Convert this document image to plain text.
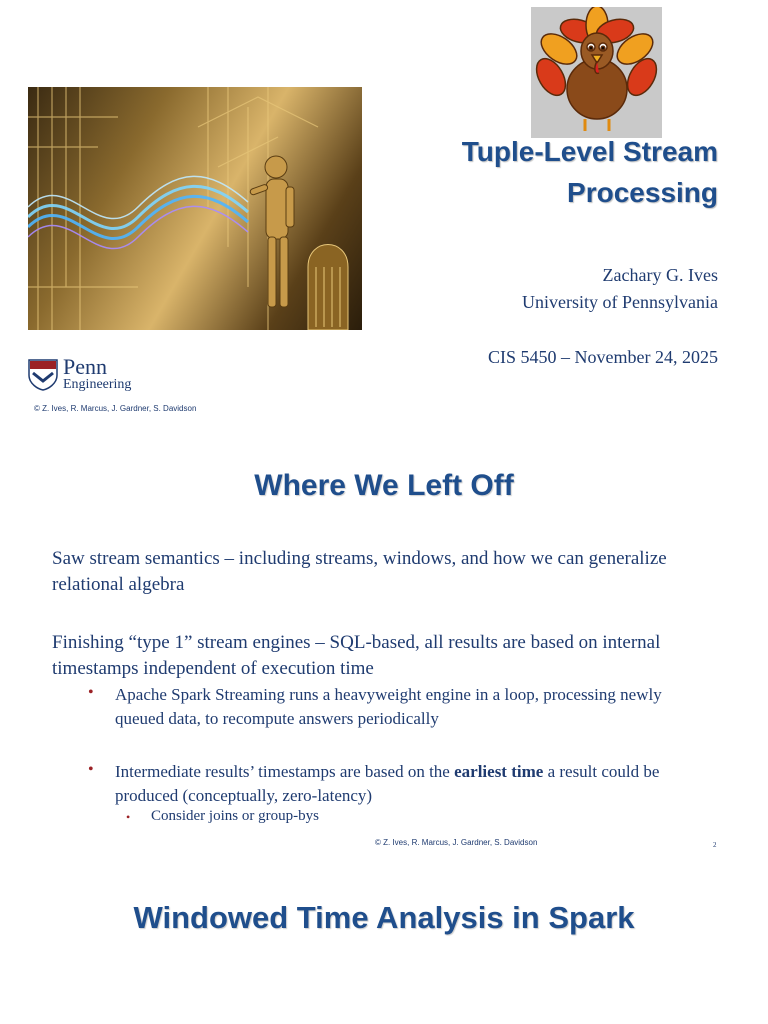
Tuple-Level Stream
Processing
Zachary G. Ives
University of Pennsylvania
CIS 5450 – November 24, 2025
Penn
Engineering
© Z. Ives, R. Marcus, J. Gardner, S. Davidson
Where We Left Off
Saw stream semantics – including streams, windows, and how we can generalize relational algebra
Finishing “type 1” stream engines – SQL-based, all results are based on internal timestamps independent of execution time
• Apache Spark Streaming runs a heavyweight engine in a loop, processing newly queued data, to recompute answers periodically
• Intermediate results’ timestamps are based on the earliest time a result could be produced (conceptually, zero-latency)
• Consider joins or group-bys
© Z. Ives, R. Marcus, J. Gardner, S. Davidson	2
Windowed Time Analysis in Spark
